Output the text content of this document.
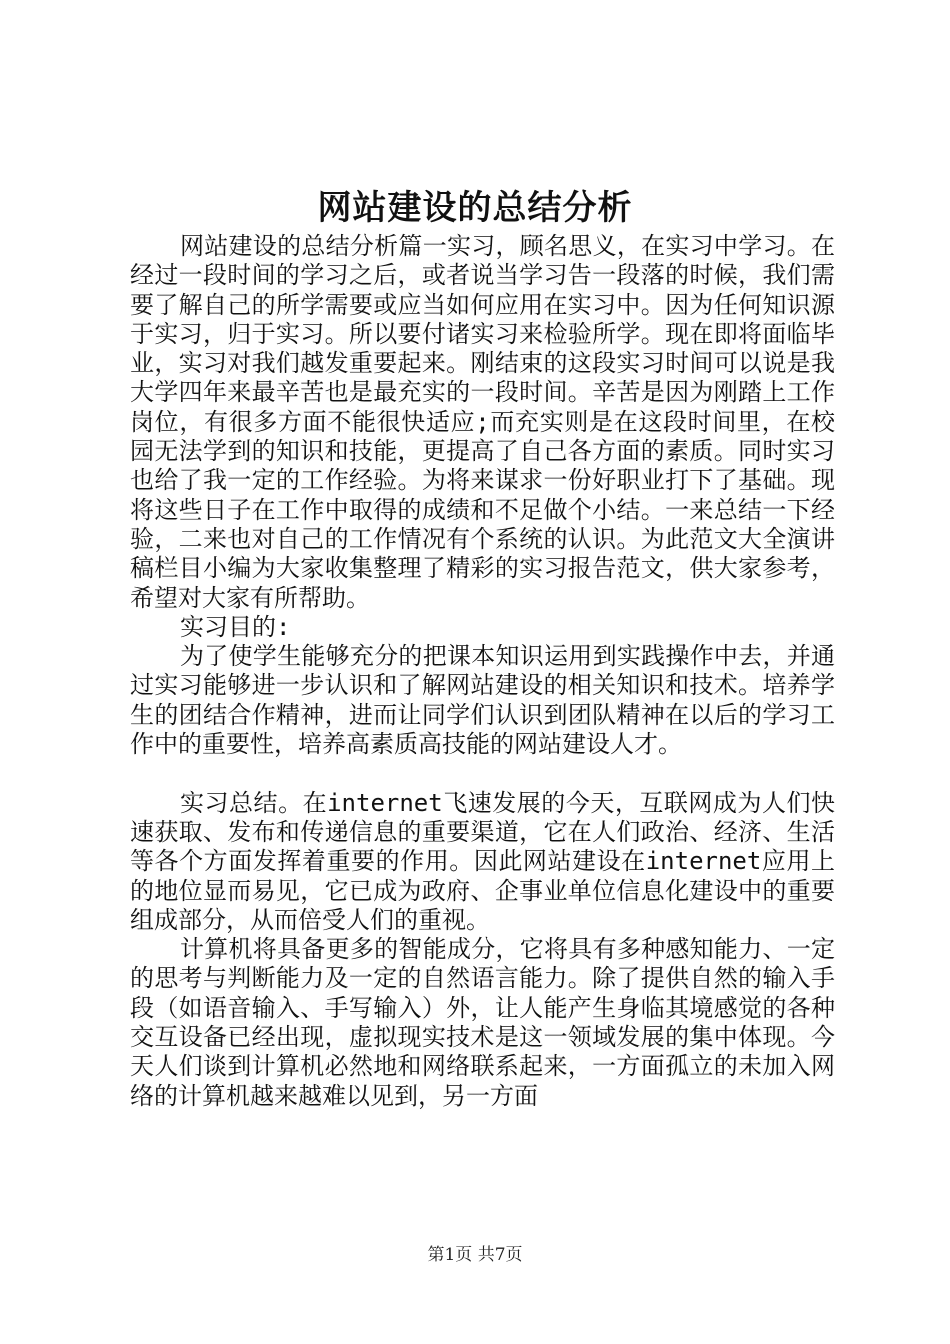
网站建设的总结分析

网站建设的总结分析篇一实习，顾名思义，在实习中学习。在经过一段时间的学习之后，或者说当学习告一段落的时候，我们需要了解自己的所学需要或应当如何应用在实习中。因为任何知识源于实习，归于实习。所以要付诸实习来检验所学。现在即将面临毕业，实习对我们越发重要起来。刚结束的这段实习时间可以说是我大学四年来最辛苦也是最充实的一段时间。辛苦是因为刚踏上工作岗位，有很多方面不能很快适应;而充实则是在这段时间里，在校园无法学到的知识和技能，更提高了自己各方面的素质。同时实习也给了我一定的工作经验。为将来谋求一份好职业打下了基础。现将这些日子在工作中取得的成绩和不足做个小结。一来总结一下经验，二来也对自己的工作情况有个系统的认识。为此范文大全演讲稿栏目小编为大家收集整理了精彩的实习报告范文，供大家参考，希望对大家有所帮助。

实习目的:

为了使学生能够充分的把课本知识运用到实践操作中去，并通过实习能够进一步认识和了解网站建设的相关知识和技术。培养学生的团结合作精神，进而让同学们认识到团队精神在以后的学习工作中的重要性，培养高素质高技能的网站建设人才。

实习总结。在internet飞速发展的今天，互联网成为人们快速获取、发布和传递信息的重要渠道，它在人们政治、经济、生活等各个方面发挥着重要的作用。因此网站建设在internet应用上的地位显而易见，它已成为政府、企事业单位信息化建设中的重要组成部分，从而倍受人们的重视。

计算机将具备更多的智能成分，它将具有多种感知能力、一定的思考与判断能力及一定的自然语言能力。除了提供自然的输入手段（如语音输入、手写输入）外，让人能产生身临其境感觉的各种交互设备已经出现，虚拟现实技术是这一领域发展的集中体现。今天人们谈到计算机必然地和网络联系起来，一方面孤立的未加入网络的计算机越来越难以见到，另一方面

第1页 共7页
